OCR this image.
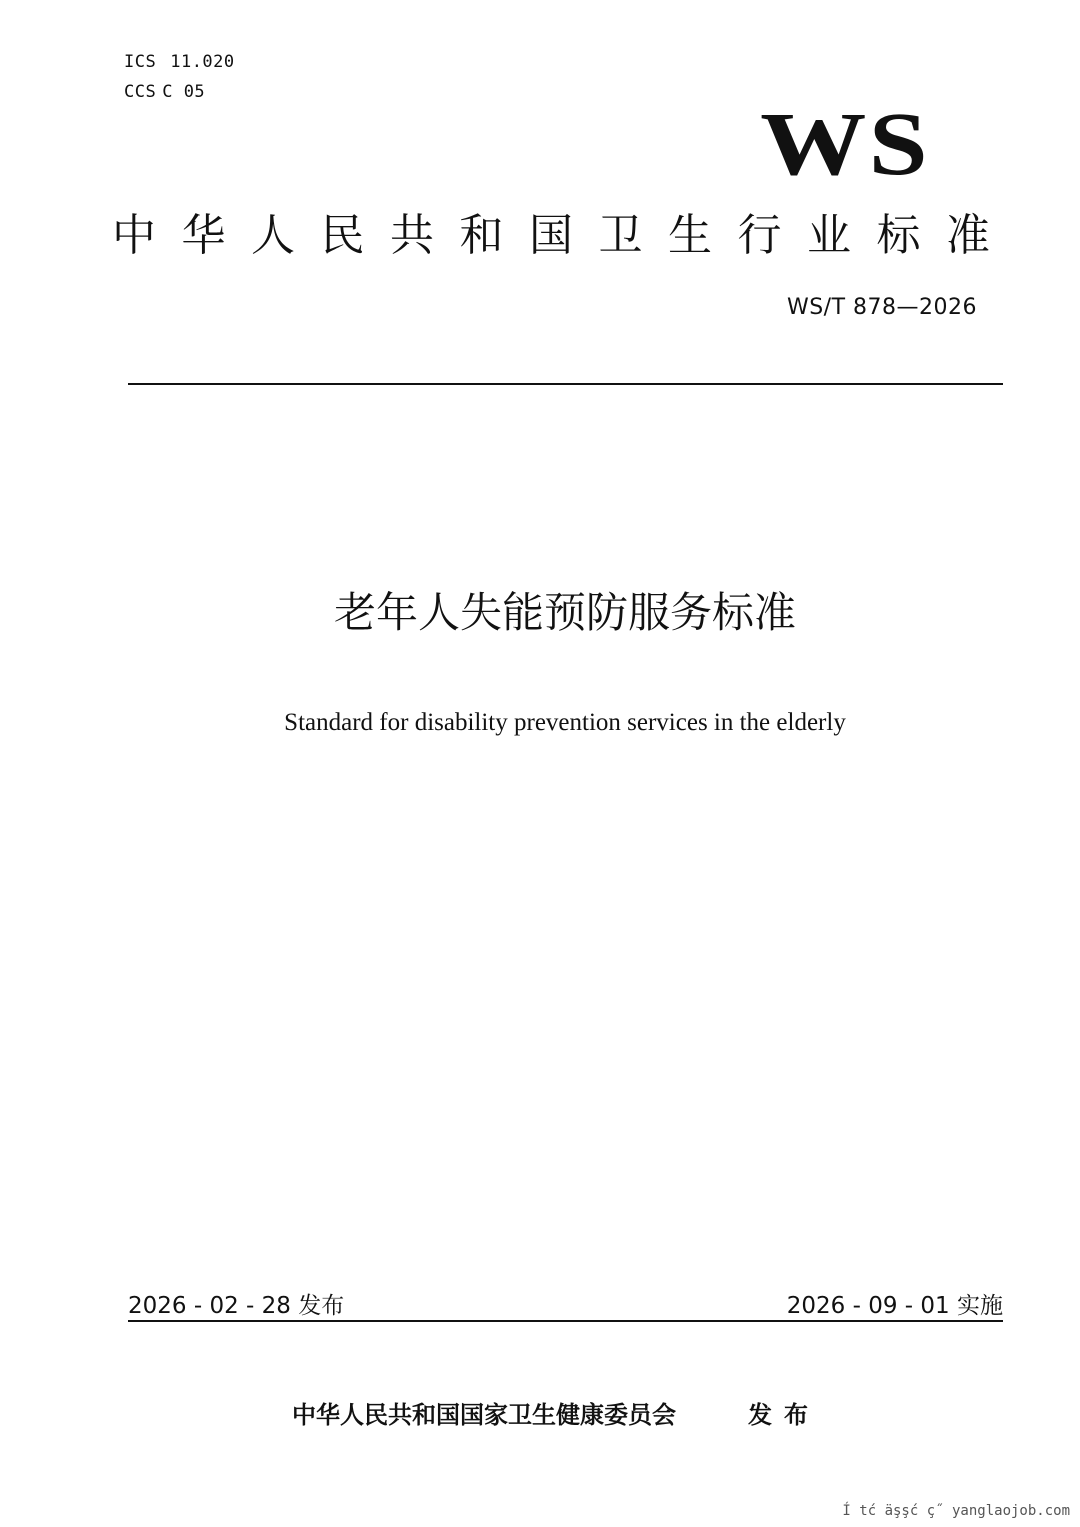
ICS 11.020
CCS C 05
WS
中华人民共和国卫生行业标准
WS/T 878—2026
老年人失能预防服务标准
Standard for disability prevention services in the elderly
2026 - 02 - 28 发布	2026 - 09 - 01 实施
中华人民共和国国家卫生健康委员会	发布
Í tć äşşć ç˝ yanglaojob.com
